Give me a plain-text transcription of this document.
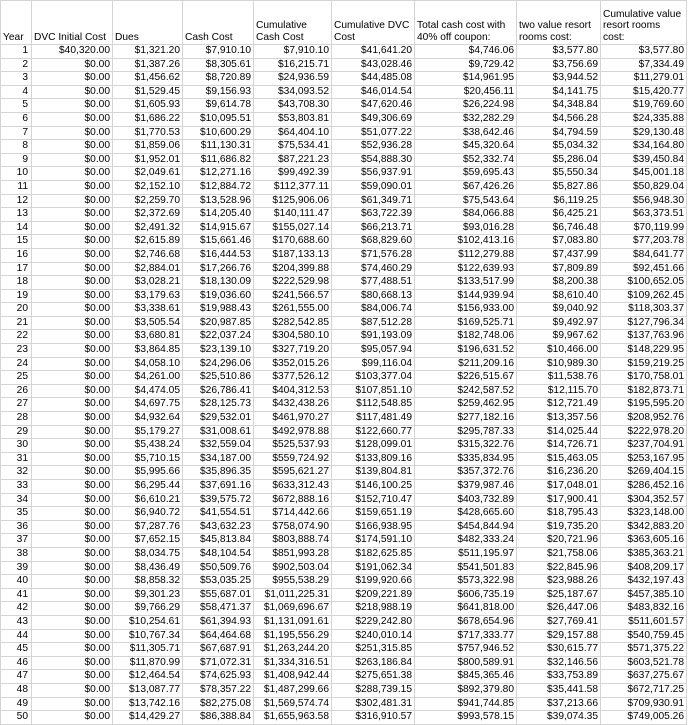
Year	DVC Initial Cost	Dues	Cash Cost	Cumulative Cash Cost	Cumulative DVC Cost	Total cash cost with 40% off coupon:	two value resort rooms cost:	Cumulative value resort rooms cost:
1	$40,320.00	$1,321.20	$7,910.10	$7,910.10	$41,641.20	$4,746.06	$3,577.80	$3,577.80
2	$0.00	$1,387.26	$8,305.61	$16,215.71	$43,028.46	$9,729.42	$3,756.69	$7,334.49
3	$0.00	$1,456.62	$8,720.89	$24,936.59	$44,485.08	$14,961.95	$3,944.52	$11,279.01
4	$0.00	$1,529.45	$9,156.93	$34,093.52	$46,014.54	$20,456.11	$4,141.75	$15,420.77
5	$0.00	$1,605.93	$9,614.78	$43,708.30	$47,620.46	$26,224.98	$4,348.84	$19,769.60
6	$0.00	$1,686.22	$10,095.51	$53,803.81	$49,306.69	$32,282.29	$4,566.28	$24,335.88
7	$0.00	$1,770.53	$10,600.29	$64,404.10	$51,077.22	$38,642.46	$4,794.59	$29,130.48
8	$0.00	$1,859.06	$11,130.31	$75,534.41	$52,936.28	$45,320.64	$5,034.32	$34,164.80
9	$0.00	$1,952.01	$11,686.82	$87,221.23	$54,888.30	$52,332.74	$5,286.04	$39,450.84
10	$0.00	$2,049.61	$12,271.16	$99,492.39	$56,937.91	$59,695.43	$5,550.34	$45,001.18
11	$0.00	$2,152.10	$12,884.72	$112,377.11	$59,090.01	$67,426.26	$5,827.86	$50,829.04
12	$0.00	$2,259.70	$13,528.96	$125,906.06	$61,349.71	$75,543.64	$6,119.25	$56,948.30
13	$0.00	$2,372.69	$14,205.40	$140,111.47	$63,722.39	$84,066.88	$6,425.21	$63,373.51
14	$0.00	$2,491.32	$14,915.67	$155,027.14	$66,213.71	$93,016.28	$6,746.48	$70,119.99
15	$0.00	$2,615.89	$15,661.46	$170,688.60	$68,829.60	$102,413.16	$7,083.80	$77,203.78
16	$0.00	$2,746.68	$16,444.53	$187,133.13	$71,576.28	$112,279.88	$7,437.99	$84,641.77
17	$0.00	$2,884.01	$17,266.76	$204,399.88	$74,460.29	$122,639.93	$7,809.89	$92,451.66
18	$0.00	$3,028.21	$18,130.09	$222,529.98	$77,488.51	$133,517.99	$8,200.38	$100,652.05
19	$0.00	$3,179.63	$19,036.60	$241,566.57	$80,668.13	$144,939.94	$8,610.40	$109,262.45
20	$0.00	$3,338.61	$19,988.43	$261,555.00	$84,006.74	$156,933.00	$9,040.92	$118,303.37
21	$0.00	$3,505.54	$20,987.85	$282,542.85	$87,512.28	$169,525.71	$9,492.97	$127,796.34
22	$0.00	$3,680.81	$22,037.24	$304,580.10	$91,193.09	$182,748.06	$9,967.62	$137,763.96
23	$0.00	$3,864.85	$23,139.10	$327,719.20	$95,057.94	$196,631.52	$10,466.00	$148,229.95
24	$0.00	$4,058.10	$24,296.06	$352,015.26	$99,116.04	$211,209.16	$10,989.30	$159,219.25
25	$0.00	$4,261.00	$25,510.86	$377,526.12	$103,377.04	$226,515.67	$11,538.76	$170,758.01
26	$0.00	$4,474.05	$26,786.41	$404,312.53	$107,851.10	$242,587.52	$12,115.70	$182,873.71
27	$0.00	$4,697.75	$28,125.73	$432,438.26	$112,548.85	$259,462.95	$12,721.49	$195,595.20
28	$0.00	$4,932.64	$29,532.01	$461,970.27	$117,481.49	$277,182.16	$13,357.56	$208,952.76
29	$0.00	$5,179.27	$31,008.61	$492,978.88	$122,660.77	$295,787.33	$14,025.44	$222,978.20
30	$0.00	$5,438.24	$32,559.04	$525,537.93	$128,099.01	$315,322.76	$14,726.71	$237,704.91
31	$0.00	$5,710.15	$34,187.00	$559,724.92	$133,809.16	$335,834.95	$15,463.05	$253,167.95
32	$0.00	$5,995.66	$35,896.35	$595,621.27	$139,804.81	$357,372.76	$16,236.20	$269,404.15
33	$0.00	$6,295.44	$37,691.16	$633,312.43	$146,100.25	$379,987.46	$17,048.01	$286,452.16
34	$0.00	$6,610.21	$39,575.72	$672,888.16	$152,710.47	$403,732.89	$17,900.41	$304,352.57
35	$0.00	$6,940.72	$41,554.51	$714,442.66	$159,651.19	$428,665.60	$18,795.43	$323,148.00
36	$0.00	$7,287.76	$43,632.23	$758,074.90	$166,938.95	$454,844.94	$19,735.20	$342,883.20
37	$0.00	$7,652.15	$45,813.84	$803,888.74	$174,591.10	$482,333.24	$20,721.96	$363,605.16
38	$0.00	$8,034.75	$48,104.54	$851,993.28	$182,625.85	$511,195.97	$21,758.06	$385,363.21
39	$0.00	$8,436.49	$50,509.76	$902,503.04	$191,062.34	$541,501.83	$22,845.96	$408,209.17
40	$0.00	$8,858.32	$53,035.25	$955,538.29	$199,920.66	$573,322.98	$23,988.26	$432,197.43
41	$0.00	$9,301.23	$55,687.01	$1,011,225.31	$209,221.89	$606,735.19	$25,187.67	$457,385.10
42	$0.00	$9,766.29	$58,471.37	$1,069,696.67	$218,988.19	$641,818.00	$26,447.06	$483,832.16
43	$0.00	$10,254.61	$61,394.93	$1,131,091.61	$229,242.80	$678,654.96	$27,769.41	$511,601.57
44	$0.00	$10,767.34	$64,464.68	$1,195,556.29	$240,010.14	$717,333.77	$29,157.88	$540,759.45
45	$0.00	$11,305.71	$67,687.91	$1,263,244.20	$251,315.85	$757,946.52	$30,615.77	$571,375.22
46	$0.00	$11,870.99	$71,072.31	$1,334,316.51	$263,186.84	$800,589.91	$32,146.56	$603,521.78
47	$0.00	$12,464.54	$74,625.93	$1,408,942.44	$275,651.38	$845,365.46	$33,753.89	$637,275.67
48	$0.00	$13,087.77	$78,357.22	$1,487,299.66	$288,739.15	$892,379.80	$35,441.58	$672,717.25
49	$0.00	$13,742.16	$82,275.08	$1,569,574.74	$302,481.31	$941,744.85	$37,213.66	$709,930.91
50	$0.00	$14,429.27	$86,388.84	$1,655,963.58	$316,910.57	$993,578.15	$39,074.35	$749,005.26
